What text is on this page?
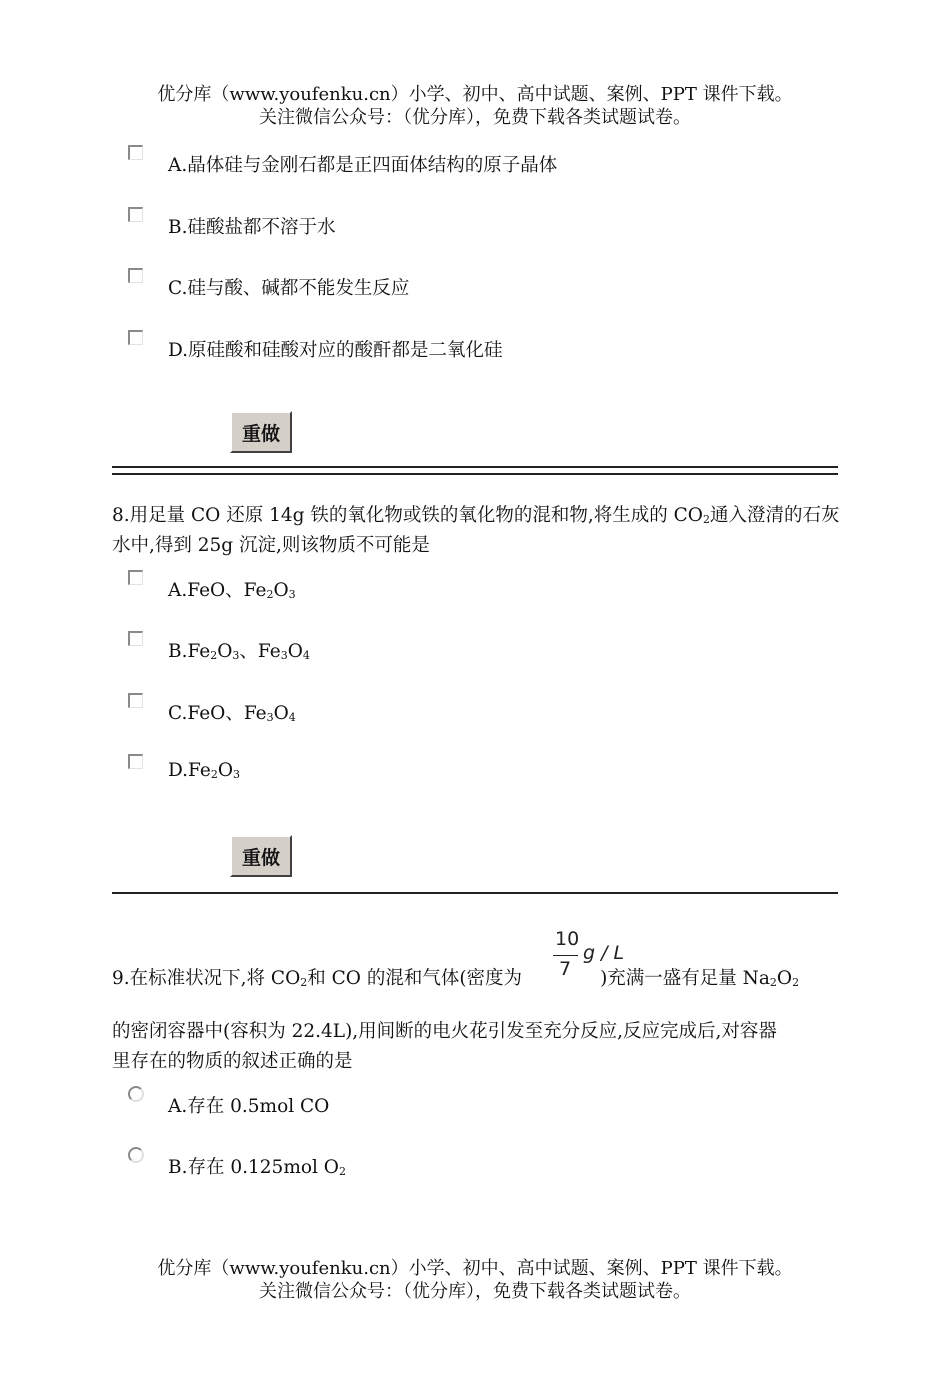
优分库（www.youfenku.cn）小学、初中、高中试题、案例、PPT 课件下载。
关注微信公众号：（优分库），免费下载各类试题试卷。
A.晶体硅与金刚石都是正四面体结构的原子晶体
B.硅酸盐都不溶于水
C.硅与酸、碱都不能发生反应
D.原硅酸和硅酸对应的酸酐都是二氧化硅
重做
8.用足量 CO 还原 14g 铁的氧化物或铁的氧化物的混和物,将生成的 $CO_2$通入澄清的石灰水中,得到 25g 沉淀,则该物质不可能是
A.FeO、$Fe_2O_3$
$B.Fe_2O_3$、$Fe_3O_4$
C.FeO、$Fe_3O_4$
$D.Fe_2O_3$
重做
9.在标准状况下,将 $CO_2$和 CO 的混和气体(密度为	)充满一盛有足量 $Na_2O_2$
10
7
g / L
的密闭容器中(容积为 22.4L),用间断的电火花引发至充分反应,反应完成后,对容器
里存在的物质的叙述正确的是
A.存在 0.5mol CO
B.存在 0.125mol $O_2$
优分库（www.youfenku.cn）小学、初中、高中试题、案例、PPT 课件下载。
关注微信公众号：（优分库），免费下载各类试题试卷。
